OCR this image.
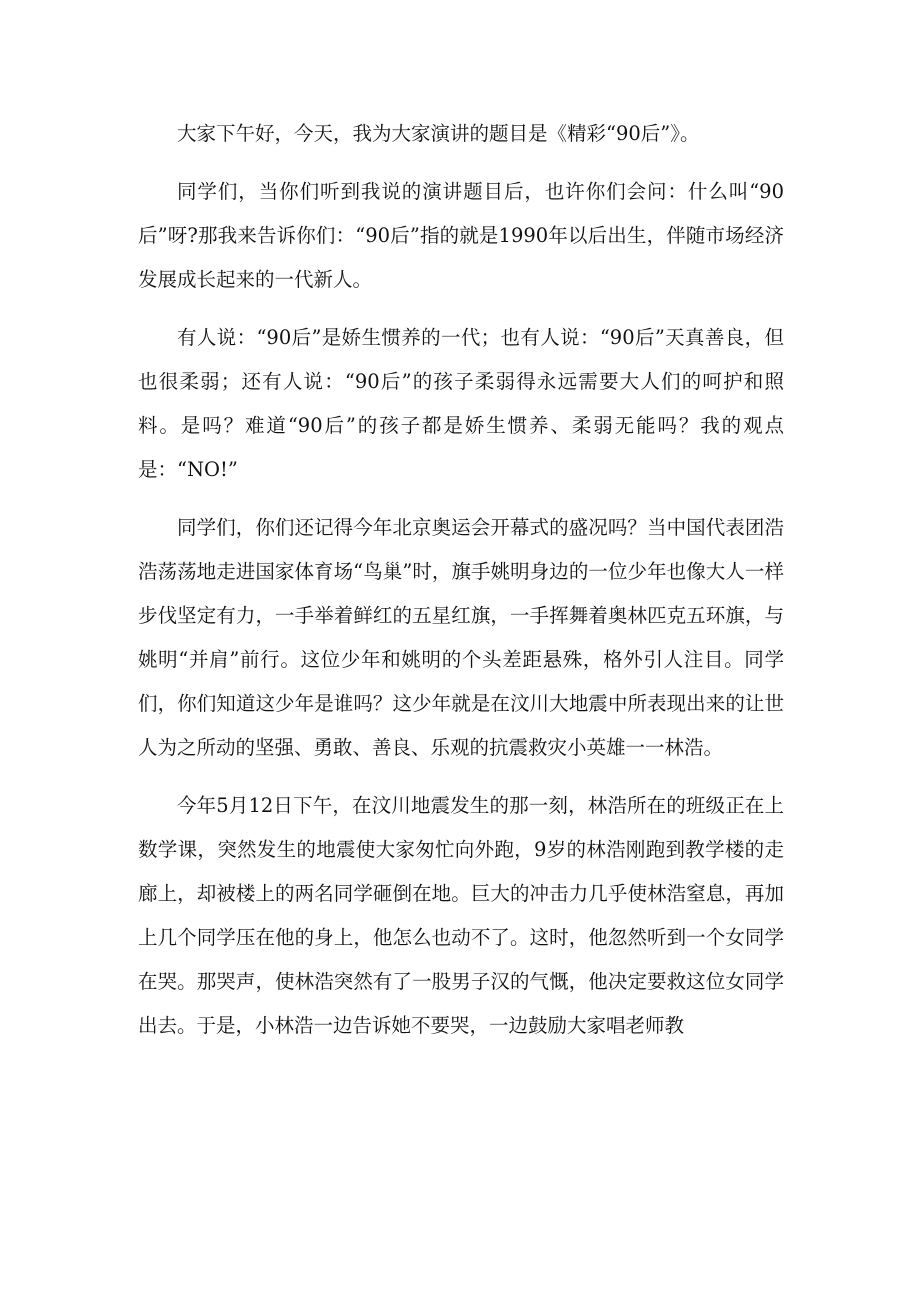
大家下午好，今天，我为大家演讲的题目是《精彩“90后”》。

同学们，当你们听到我说的演讲题目后，也许你们会问：什么叫“90后”呀?那我来告诉你们：“90后”指的就是1990年以后出生，伴随市场经济发展成长起来的一代新人。

有人说：“90后”是娇生惯养的一代；也有人说：“90后”天真善良，但也很柔弱；还有人说：“90后”的孩子柔弱得永远需要大人们的呵护和照料。是吗？难道“90后”的孩子都是娇生惯养、柔弱无能吗？我的观点是：“NO!”

同学们，你们还记得今年北京奥运会开幕式的盛况吗？当中国代表团浩浩荡荡地走进国家体育场“鸟巢”时，旗手姚明身边的一位少年也像大人一样步伐坚定有力，一手举着鲜红的五星红旗，一手挥舞着奥林匹克五环旗，与姚明“并肩”前行。这位少年和姚明的个头差距悬殊，格外引人注目。同学们，你们知道这少年是谁吗？这少年就是在汶川大地震中所表现出来的让世人为之所动的坚强、勇敢、善良、乐观的抗震救灾小英雄一一林浩。

今年5月12日下午，在汶川地震发生的那一刻，林浩所在的班级正在上数学课，突然发生的地震使大家匆忙向外跑，9岁的林浩刚跑到教学楼的走廊上，却被楼上的两名同学砸倒在地。巨大的冲击力几乎使林浩窒息，再加上几个同学压在他的身上，他怎么也动不了。这时，他忽然听到一个女同学在哭。那哭声，使林浩突然有了一股男子汉的气慨，他决定要救这位女同学出去。于是，小林浩一边告诉她不要哭，一边鼓励大家唱老师教
